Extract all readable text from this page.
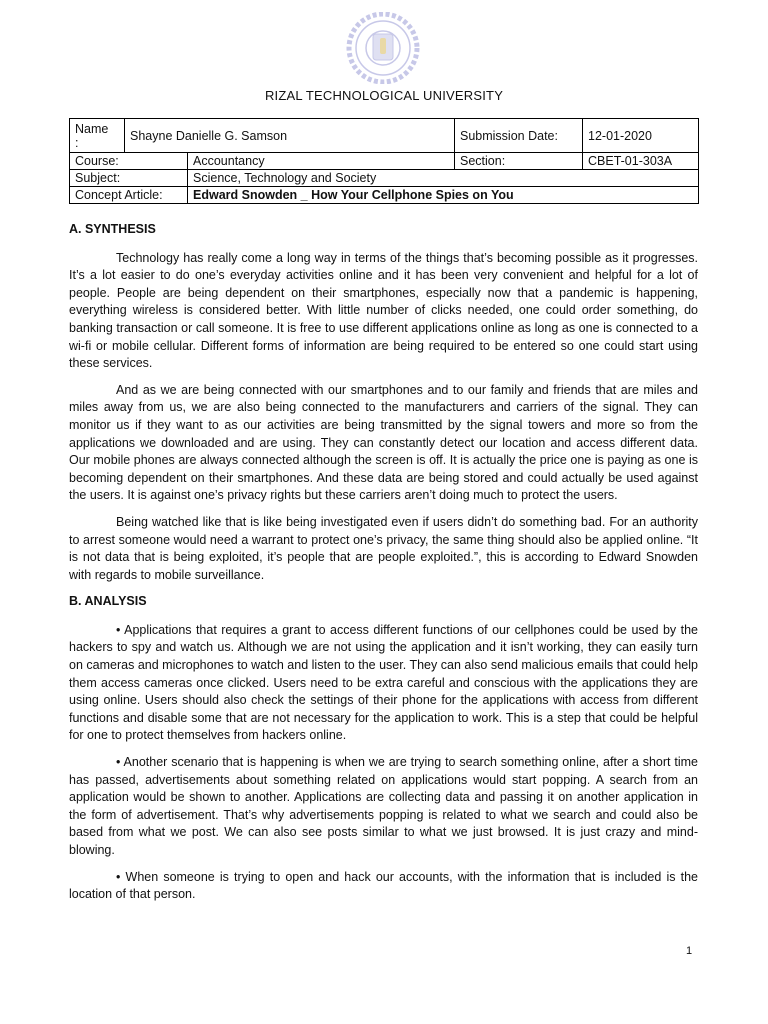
RIZAL TECHNOLOGICAL UNIVERSITY
Name
:	Shayne Danielle G. Samson		Submission Date:	12-01-2020
Course:		Accountancy	Section:	CBET-01-303A
Subject:		Science, Technology and Society		
Concept Article:		Edward Snowden _ How Your Cellphone Spies on You		
A. SYNTHESIS

Technology has really come a long way in terms of the things that’s becoming possible as it progresses. It’s a lot easier to do one’s everyday activities online and it has been very convenient and helpful for a lot of people. People are being dependent on their smartphones, especially now that a pandemic is happening, everything wireless is considered better. With little number of clicks needed, one could order something, do banking transaction or call someone. It is free to use different applications online as long as one is connected to a wi-fi or mobile cellular. Different forms of information are being required to be entered so one could start using these services.

And as we are being connected with our smartphones and to our family and friends that are miles and miles away from us, we are also being connected to the manufacturers and carriers of the signal. They can monitor us if they want to as our activities are being transmitted by the signal towers and more so from the applications we downloaded and are using. They can constantly detect our location and access different data. Our mobile phones are always connected although the screen is off. It is actually the price one is paying as one is becoming dependent on their smartphones. And these data are being stored and could actually be used against the users. It is against one’s privacy rights but these carriers aren’t doing much to protect the users.

Being watched like that is like being investigated even if users didn’t do something bad. For an authority to arrest someone would need a warrant to protect one’s privacy, the same thing should also be applied online. “It is not data that is being exploited, it’s people that are people exploited.”, this is according to Edward Snowden with regards to mobile surveillance.

B. ANALYSIS

• Applications that requires a grant to access different functions of our cellphones could be used by the hackers to spy and watch us. Although we are not using the application and it isn’t working, they can easily turn on cameras and microphones to watch and listen to the user. They can also send malicious emails that could help them access cameras once clicked. Users need to be extra careful and conscious with the applications they are using online. Users should also check the settings of their phone for the applications with access from different functions and disable some that are not necessary for the application to work. This is a step that could be helpful for one to protect themselves from hackers online.

• Another scenario that is happening is when we are trying to search something online, after a short time has passed, advertisements about something related on applications would start popping. A search from an application would be shown to another. Applications are collecting data and passing it on another application in the form of advertisement. That’s why advertisements popping is related to what we search and could also be based from what we post. We can also see posts similar to what we just browsed. It is just crazy and mind-blowing.

• When someone is trying to open and hack our accounts, with the information that is included is the location of that person.

1
